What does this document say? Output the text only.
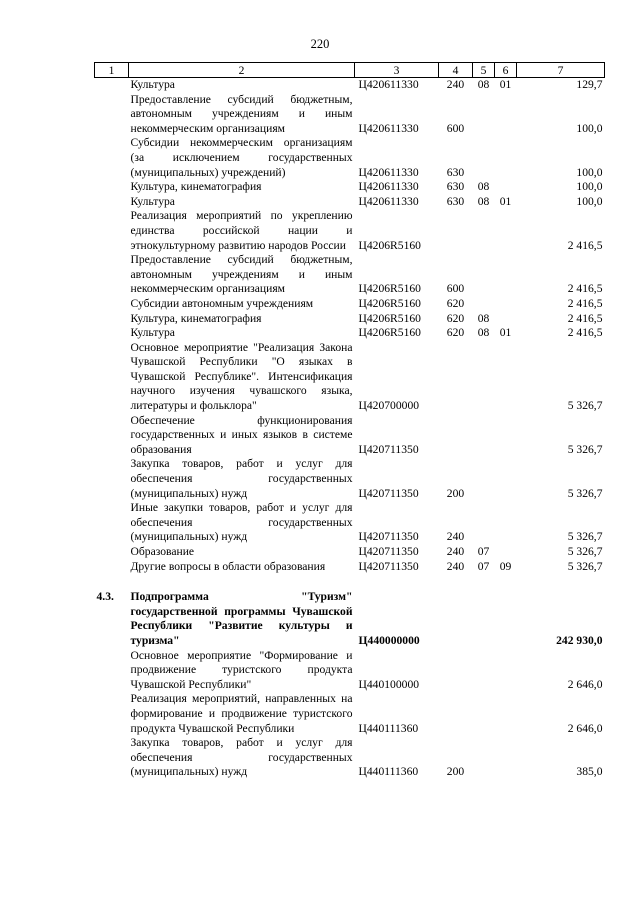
220
1	2	3	4	5	6	7
	Культура	Ц420611330	240	08	01	129,7
	Предоставление субсидий бюджетным, автономным учреждениям и иным некоммерческим организациям	Ц420611330	600			100,0
	Субсидии некоммерческим организациям (за исключением государственных (муниципальных) учреждений)	Ц420611330	630			100,0
	Культура, кинематография	Ц420611330	630	08		100,0
	Культура	Ц420611330	630	08	01	100,0
	Реализация мероприятий по укреплению единства российской нации и этнокультурному развитию народов России	Ц4206R5160				2 416,5
	Предоставление субсидий бюджетным, автономным учреждениям и иным некоммерческим организациям	Ц4206R5160	600			2 416,5
	Субсидии автономным учреждениям	Ц4206R5160	620			2 416,5
	Культура, кинематография	Ц4206R5160	620	08		2 416,5
	Культура	Ц4206R5160	620	08	01	2 416,5
	Основное мероприятие "Реализация Закона Чувашской Республики "О языках в Чувашской Республике". Интенсификация научного изучения чувашского языка, литературы и фольклора"	Ц420700000				5 326,7
	Обеспечение функционирования государственных и иных языков в системе образования	Ц420711350				5 326,7
	Закупка товаров, работ и услуг для обеспечения государственных (муниципальных) нужд	Ц420711350	200			5 326,7
	Иные закупки товаров, работ и услуг для обеспечения государственных (муниципальных) нужд	Ц420711350	240			5 326,7
	Образование	Ц420711350	240	07		5 326,7
	Другие вопросы в области образования	Ц420711350	240	07	09	5 326,7

4.3.	Подпрограмма "Туризм" государственной программы Чувашской Республики "Развитие культуры и туризма"	Ц440000000				242 930,0
	Основное мероприятие "Формирование и продвижение туристского продукта Чувашской Республики"	Ц440100000				2 646,0
	Реализация мероприятий, направленных на формирование и продвижение туристского продукта Чувашской Республики	Ц440111360				2 646,0
	Закупка товаров, работ и услуг для обеспечения государственных (муниципальных) нужд	Ц440111360	200			385,0
